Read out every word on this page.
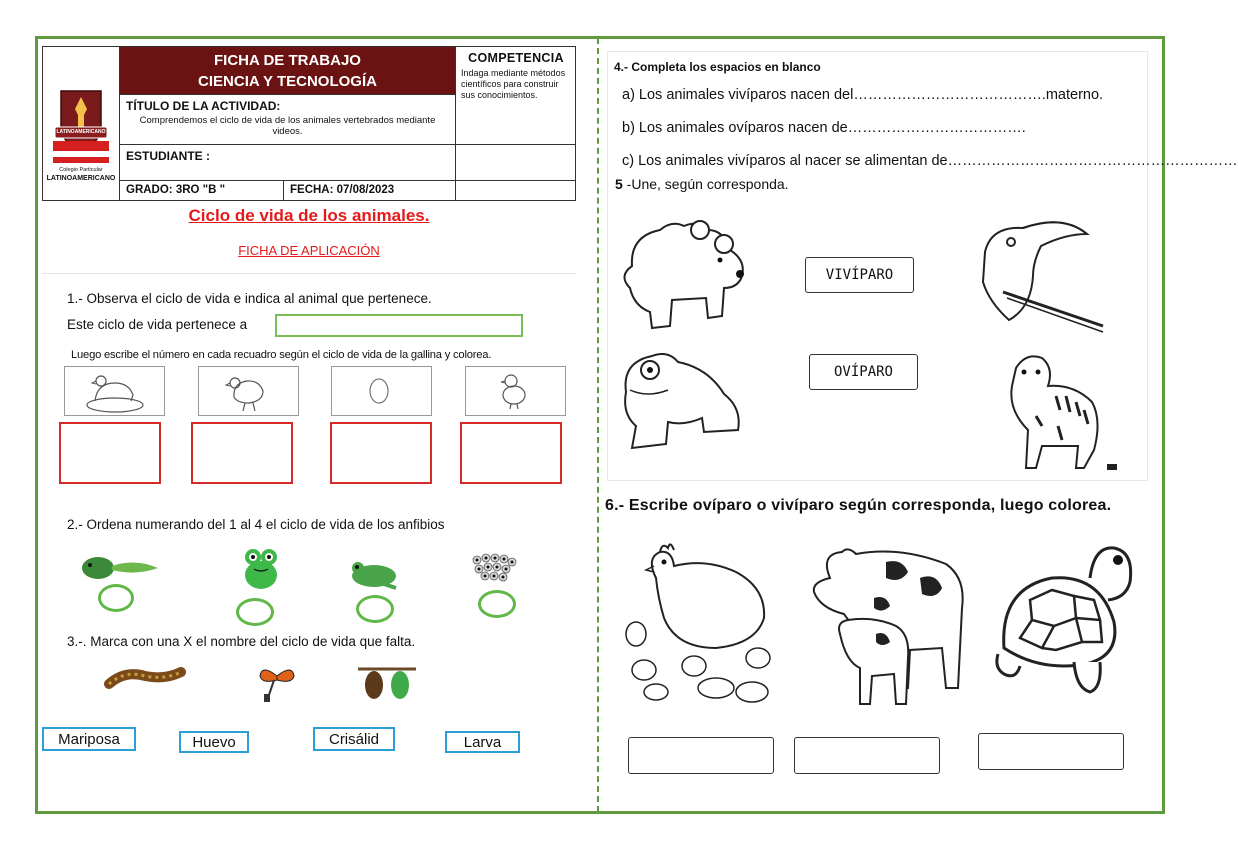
LATINOAMERICANO
Colegio Particular
LATINOAMERICANO
FICHA DE TRABAJO
CIENCIA Y TECNOLOGÍA
COMPETENCIA
Indaga mediante métodos científicos para construir sus conocimientos.
TÍTULO DE LA ACTIVIDAD:
Comprendemos el ciclo de vida de los animales vertebrados mediante videos.
ESTUDIANTE :
GRADO: 3RO "B "	FECHA: 07/08/2023
Ciclo de vida de los animales.
FICHA DE APLICACIÓN
1.- Observa el ciclo de vida e indica al animal que pertenece.
Este ciclo de vida pertenece a
Luego escribe el número en cada recuadro según el ciclo de vida de la gallina y colorea.
2.- Ordena numerando del 1 al 4 el ciclo de vida de los anfibios
3.-. Marca con una X el nombre del ciclo de vida que falta.
Mariposa	Huevo	Crisálid	Larva
4.- Completa los espacios en blanco
a) Los animales vivíparos nacen del………………………………….materno.
b) Los animales ovíparos nacen de……………………………….
c) Los animales vivíparos al nacer se alimentan de……………………………………………………
5 -Une, según corresponda.
VIVÍPARO
OVÍPARO
6.- Escribe ovíparo o vivíparo según corresponda, luego colorea.
